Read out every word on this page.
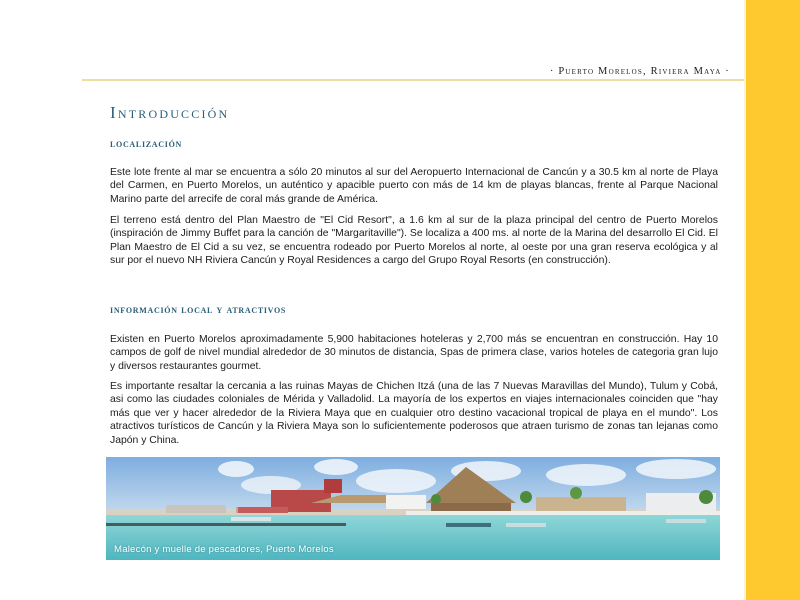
· Puerto Morelos, Riviera Maya ·
Introducción
localización

Este lote frente al mar se encuentra a sólo 20 minutos al sur del Aeropuerto Internacional de Cancún y a 30.5 km al norte de Playa del Carmen, en Puerto Morelos, un auténtico y apacible puerto con más de 14 km de playas blancas, frente al Parque Nacional Marino parte del arrecife de coral más grande de América.

El terreno está dentro del Plan Maestro de "El Cid Resort", a 1.6 km al sur de la plaza principal del centro de Puerto Morelos (inspiración de Jimmy Buffet para la canción de "Margaritaville"). Se localiza a 400 ms. al norte de la Marina del desarrollo El Cid. El Plan Maestro de El Cid a su vez, se encuentra rodeado por Puerto Morelos al norte, al oeste por una gran reserva ecológica y al sur por el nuevo NH Riviera Cancún y Royal Residences a cargo del Grupo Royal Resorts (en construcción).

información local y atractivos

Existen en Puerto Morelos aproximadamente 5,900 habitaciones hoteleras y 2,700 más se encuentran en construcción. Hay 10 campos de golf de nivel mundial alrededor de 30 minutos de distancia, Spas de primera clase, varios hoteles de categoria gran lujo y diversos restaurantes gourmet.

Es importante resaltar la cercania a las ruinas Mayas de Chichen Itzá (una de las 7 Nuevas Maravillas del Mundo), Tulum y Cobá, asi como las ciudades coloniales de Mérida y Valladolid. La mayoría de los expertos en viajes internacionales coinciden que "hay más que ver y hacer alrededor de la Riviera Maya que en cualquier otro destino vacacional tropical de playa en el mundo". Los atractivos turísticos de Cancún y la Riviera Maya son lo suficientemente poderosos que atraen turismo de zonas tan lejanas como Japón y China.

Malecón y muelle de pescadores, Puerto Morelos
